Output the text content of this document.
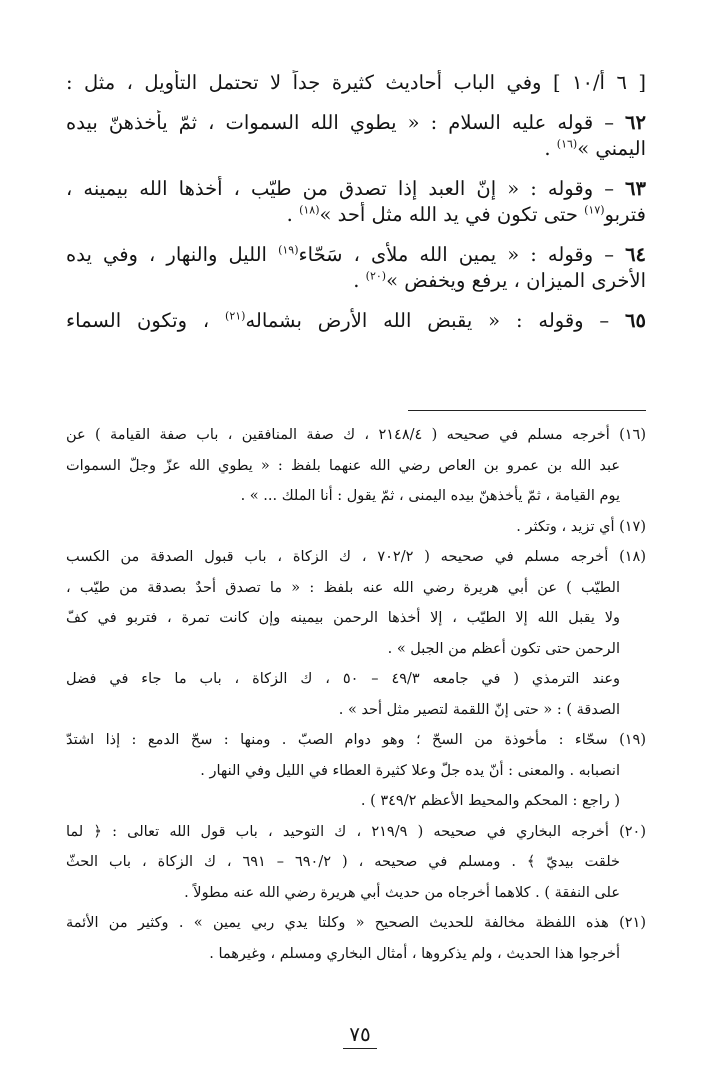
[ ٦ أ/١٠ ] وفي الباب أحاديث كثيرة جداً لا تحتمل التأويل ، مثل :
٦٢ – قوله عليه السلام : « يطوي الله السموات ، ثمّ يأخذهنّ بيده
اليمني »$^{(١٦)}$ .
٦٣ – وقوله : « إنّ العبد إذا تصدق من طيّب ، أخذها الله بيمينه ،
فتربو$^{(١٧)}$ حتى تكون في يد الله مثل أحد »$^{(١٨)}$ .
٦٤ – وقوله : « يمين الله ملأى ، سَحّاء$^{(١٩)}$ الليل والنهار ، وفي يده
الأخرى الميزان ، يرفع ويخفض »$^{(٢٠)}$ .
٦٥ – وقوله : « يقبض الله الأرض بشماله$^{(٢١)}$ ، وتكون السماء
(١٦) أخرجه مسلم في صحيحه ( ٢١٤٨/٤ ، ك صفة المنافقين ، باب صفة القيامة ) عن
عبد الله بن عمرو بن العاص رضي الله عنهما بلفظ : « يطوي الله عزّ وجلّ السموات
يوم القيامة ، ثمّ يأخذهنّ بيده اليمنى ، ثمّ يقول : أنا الملك ... » .
(١٧) أي تزيد ، وتكثر .
(١٨) أخرجه مسلم في صحيحه ( ٧٠٢/٢ ، ك الزكاة ، باب قبول الصدقة من الكسب
الطيّب ) عن أبي هريرة رضي الله عنه بلفظ : « ما تصدق أحدٌ بصدقة من طيّب ،
ولا يقبل الله إلا الطيّب ، إلا أخذها الرحمن بيمينه وإن كانت تمرة ، فتربو في كفّ
الرحمن حتى تكون أعظم من الجبل » .
وعند الترمذي ( في جامعه ٤٩/٣ – ٥٠ ، ك الزكاة ، باب ما جاء في فضل
الصدقة ) : « حتى إنّ اللقمة لتصير مثل أحد » .
(١٩) سحّاء : مأخوذة من السحّ ؛ وهو دوام الصبّ . ومنها : سحّ الدمع : إذا اشتدّ
انصبابه . والمعنى : أنّ يده جلّ وعلا كثيرة العطاء في الليل وفي النهار .
( راجع : المحكم والمحيط الأعظم ٣٤٩/٢ ) .
(٢٠) أخرجه البخاري في صحيحه ( ٢١٩/٩ ، ك التوحيد ، باب قول الله تعالى : ﴿ لما
خلقت بيديّ ﴾ . ومسلم في صحيحه ، ( ٦٩٠/٢ – ٦٩١ ، ك الزكاة ، باب الحثّ
على النفقة ) . كلاهما أخرجاه من حديث أبي هريرة رضي الله عنه مطولاً .
(٢١) هذه اللفظة مخالفة للحديث الصحيح « وكلتا يدي ربي يمين » . وكثير من الأئمة
أخرجوا هذا الحديث ، ولم يذكروها ، أمثال البخاري ومسلم ، وغيرهما .
٧٥
